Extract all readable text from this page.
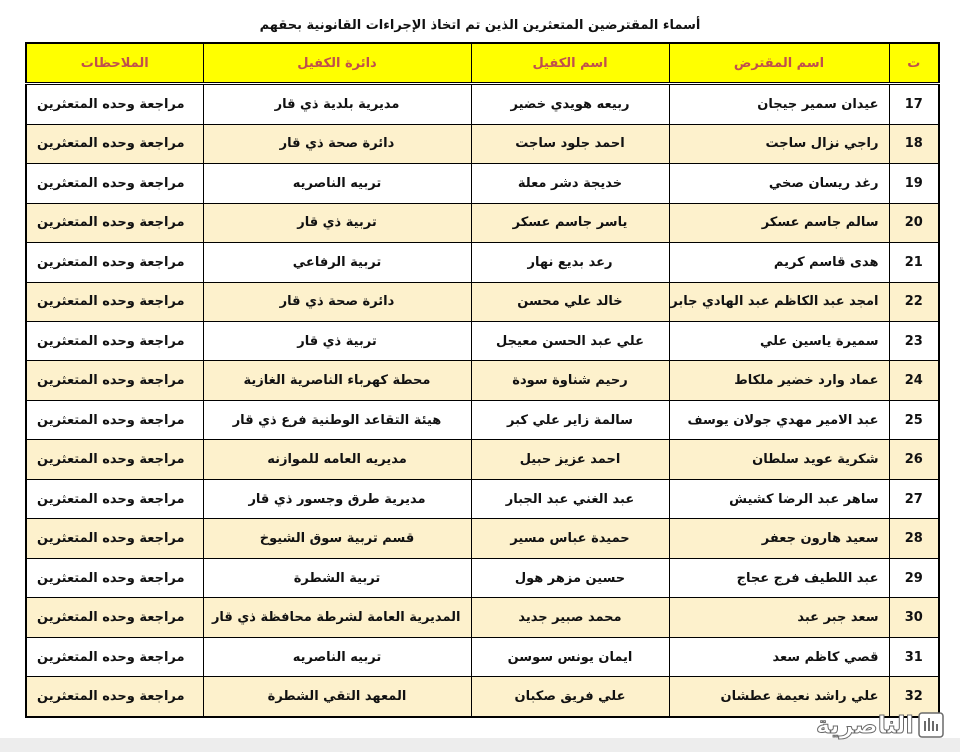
أسماء المقترضين المتعثرين الذين تم اتخاذ الإجراءات القانونية بحقهم
ت	اسم المقترض	اسم الكفيل	دائرة الكفيل	الملاحظات
17	عيدان سمير جيجان	ربيعه هويدي خضير	مديرية بلدية ذي قار	مراجعة وحده المتعثرين
18	راجي نزال ساجت	احمد جلود ساجت	دائرة صحة ذي قار	مراجعة وحده المتعثرين
19	رغد ريسان صخي	خديجة دشر معلة	تربيه الناصريه	مراجعة وحده المتعثرين
20	سالم جاسم عسكر	ياسر جاسم عسكر	تربية ذي قار	مراجعة وحده المتعثرين
21	هدى قاسم كريم	رعد بديع نهار	تربية الرفاعي	مراجعة وحده المتعثرين
22	امجد عبد الكاظم عبد الهادي جابر	خالد علي محسن	دائرة صحة ذي قار	مراجعة وحده المتعثرين
23	سميرة ياسين علي	علي عبد الحسن معيجل	تربية ذي قار	مراجعة وحده المتعثرين
24	عماد وارد خضير ملكاط	رحيم شناوة سودة	محطة كهرباء الناصرية الغازية	مراجعة وحده المتعثرين
25	عبد الامير مهدي جولان يوسف	سالمة زاير علي كبر	هيئة التقاعد الوطنية فرع ذي قار	مراجعة وحده المتعثرين
26	شكرية عويد سلطان	احمد عزيز حبيل	مديريه العامه للموازنه	مراجعة وحده المتعثرين
27	ساهر عبد الرضا كشيش	عبد الغني عبد الجبار	مديرية طرق وجسور ذي قار	مراجعة وحده المتعثرين
28	سعيد هارون جعفر	حميدة عباس مسير	قسم تربية سوق الشيوخ	مراجعة وحده المتعثرين
29	عبد اللطيف فرج عجاج	حسين مزهر هول	تربية الشطرة	مراجعة وحده المتعثرين
30	سعد جبر عبد	محمد صبير جديد	المديرية العامة لشرطة محافظة ذي قار	مراجعة وحده المتعثرين
31	قصي كاظم سعد	ايمان يونس سوسن	تربيه الناصريه	مراجعة وحده المتعثرين
32	علي راشد نعيمة عطشان	علي فريق صكبان	المعهد التقي الشطرة	مراجعة وحده المتعثرين
الناصرية
